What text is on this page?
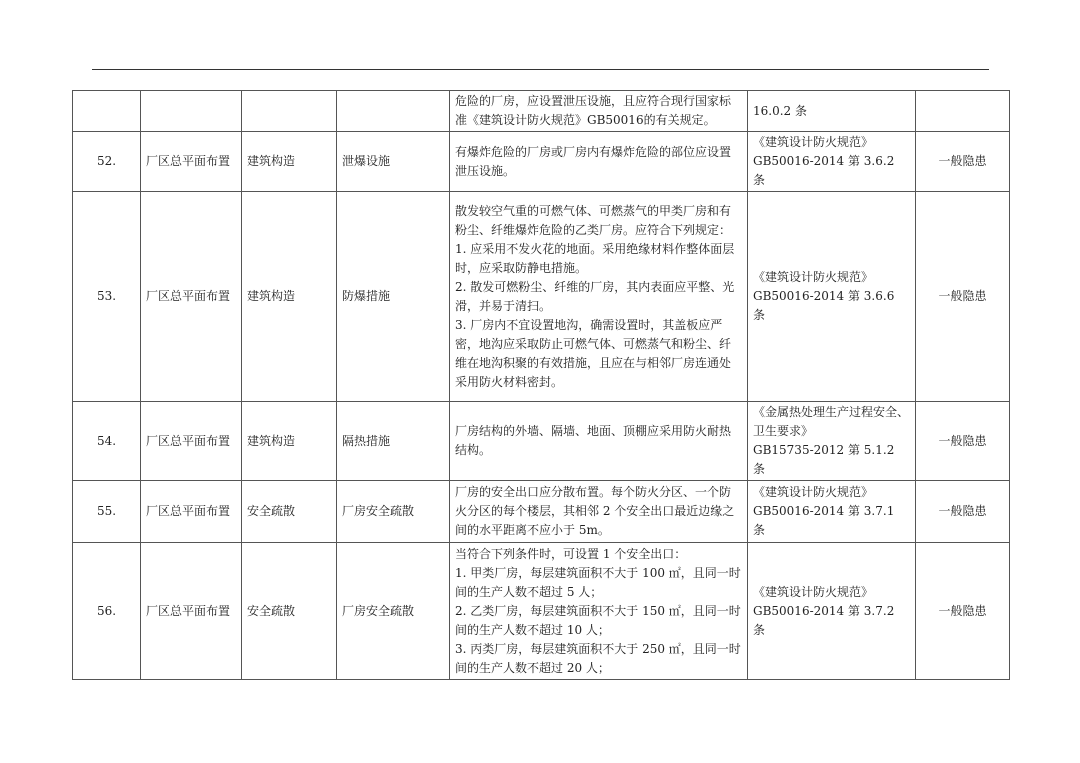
				危险的厂房，应设置泄压设施，且应符合现行国家标准《建筑设计防火规范》GB50016的有关规定。	16.0.2 条	
52.	厂区总平面布置	建筑构造	泄爆设施	有爆炸危险的厂房或厂房内有爆炸危险的部位应设置泄压设施。	《建筑设计防火规范》
GB50016-2014 第 3.6.2 条	一般隐患
53.	厂区总平面布置	建筑构造	防爆措施	散发较空气重的可燃气体、可燃蒸气的甲类厂房和有粉尘、纤维爆炸危险的乙类厂房。应符合下列规定：
1. 应采用不发火花的地面。采用绝缘材料作整体面层时，应采取防静电措施。
2. 散发可燃粉尘、纤维的厂房，其内表面应平整、光滑，并易于清扫。
3. 厂房内不宜设置地沟，确需设置时，其盖板应严密，地沟应采取防止可燃气体、可燃蒸气和粉尘、纤维在地沟积聚的有效措施，且应在与相邻厂房连通处采用防火材料密封。	《建筑设计防火规范》
GB50016-2014 第 3.6.6 条	一般隐患
54.	厂区总平面布置	建筑构造	隔热措施	厂房结构的外墙、隔墙、地面、顶棚应采用防火耐热结构。	《金属热处理生产过程安全、卫生要求》
GB15735-2012 第 5.1.2 条	一般隐患
55.	厂区总平面布置	安全疏散	厂房安全疏散	厂房的安全出口应分散布置。每个防火分区、一个防火分区的每个楼层，其相邻 2 个安全出口最近边缘之间的水平距离不应小于 5m。	《建筑设计防火规范》
GB50016-2014 第 3.7.1 条	一般隐患
56.	厂区总平面布置	安全疏散	厂房安全疏散	当符合下列条件时，可设置 1 个安全出口：
1. 甲类厂房，每层建筑面积不大于 100 ㎡，且同一时间的生产人数不超过 5 人；
2. 乙类厂房，每层建筑面积不大于 150 ㎡，且同一时间的生产人数不超过 10 人；
3. 丙类厂房，每层建筑面积不大于 250 ㎡，且同一时间的生产人数不超过 20 人；	《建筑设计防火规范》
GB50016-2014 第 3.7.2 条	一般隐患
